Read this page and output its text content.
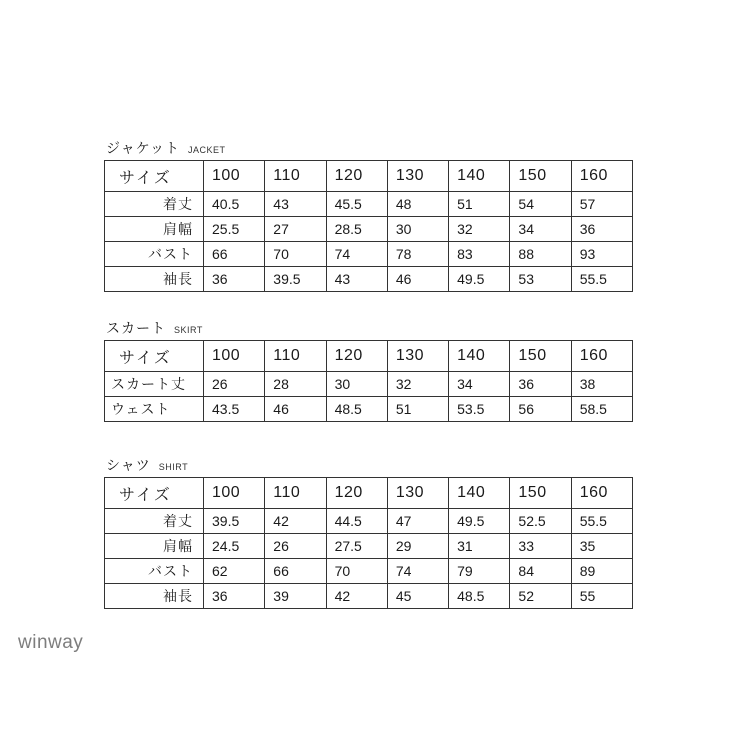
ジャケット JACKET
サイズ	100	110	120	130	140	150	160
着丈	40.5	43	45.5	48	51	54	57
肩幅	25.5	27	28.5	30	32	34	36
バスト	66	70	74	78	83	88	93
袖長	36	39.5	43	46	49.5	53	55.5
スカート SKIRT
サイズ	100	110	120	130	140	150	160
スカート丈	26	28	30	32	34	36	38
ウェスト	43.5	46	48.5	51	53.5	56	58.5
シャツ SHIRT
サイズ	100	110	120	130	140	150	160
着丈	39.5	42	44.5	47	49.5	52.5	55.5
肩幅	24.5	26	27.5	29	31	33	35
バスト	62	66	70	74	79	84	89
袖長	36	39	42	45	48.5	52	55
winway
